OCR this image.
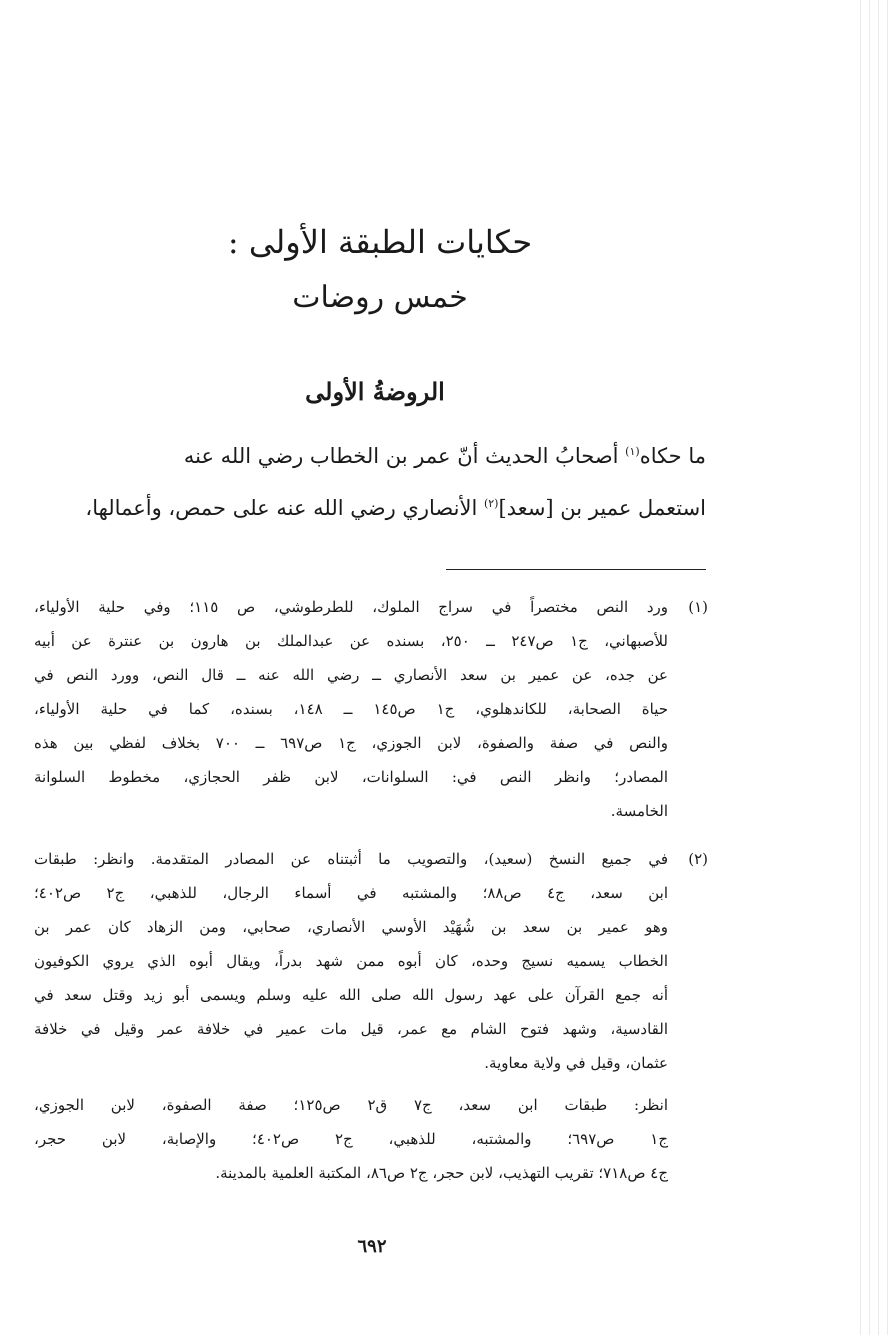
حكايات الطبقة الأولى :
خمس روضات
الروضةُ الأولى
ما حكاه$^{(١)}$ أصحابُ الحديث أنّ عمر بن الخطاب رضي الله عنه
استعمل عمير بن [سعد]$^{(٢)}$ الأنصاري رضي الله عنه على حمص، وأعمالها،
(١)
ورد النص مختصراً في سراج الملوك، للطرطوشي، ص ١١٥؛ وفي حلية الأولياء،
للأصبهاني، ج١ ص٢٤٧ ــ ٢٥٠، بسنده عن عبدالملك بن هارون بن عنترة عن أبيه
عن جده، عن عمير بن سعد الأنصاري ــ رضي الله عنه ــ قال النص، وورد النص في
حياة الصحابة، للكاندهلوي، ج١ ص١٤٥ ــ ١٤٨، بسنده، كما في حلية الأولياء،
والنص في صفة والصفوة، لابن الجوزي، ج١ ص٦٩٧ ــ ٧٠٠ بخلاف لفظي بين هذه
المصادر؛ وانظر النص في: السلوانات، لابن ظفر الحجازي، مخطوط السلوانة
الخامسة.
(٢)
في جميع النسخ (سعيد)، والتصويب ما أثبتناه عن المصادر المتقدمة. وانظر: طبقات
ابن سعد، ج٤ ص٨٨؛ والمشتبه في أسماء الرجال، للذهبي، ج٢ ص٤٠٢؛
وهو عمير بن سعد بن شُهَيْد الأوسي الأنصاري، صحابي، ومن الزهاد كان عمر بن
الخطاب يسميه نسيج وحده، كان أبوه ممن شهد بدراً، ويقال أبوه الذي يروي الكوفيون
أنه جمع القرآن على عهد رسول الله صلى الله عليه وسلم ويسمى أبو زيد وقتل سعد في
القادسية، وشهد فتوح الشام مع عمر، قيل مات عمير في خلافة عمر وقيل في خلافة
عثمان، وقيل في ولاية معاوية.
انظر: طبقات ابن سعد، ج٧ ق٢ ص١٢٥؛ صفة الصفوة، لابن الجوزي،
ج١ ص٦٩٧؛ والمشتبه، للذهبي، ج٢ ص٤٠٢؛ والإصابة، لابن حجر،
ج٤ ص٧١٨؛ تقريب التهذيب، لابن حجر، ج٢ ص٨٦، المكتبة العلمية بالمدينة.
٦٩٢
